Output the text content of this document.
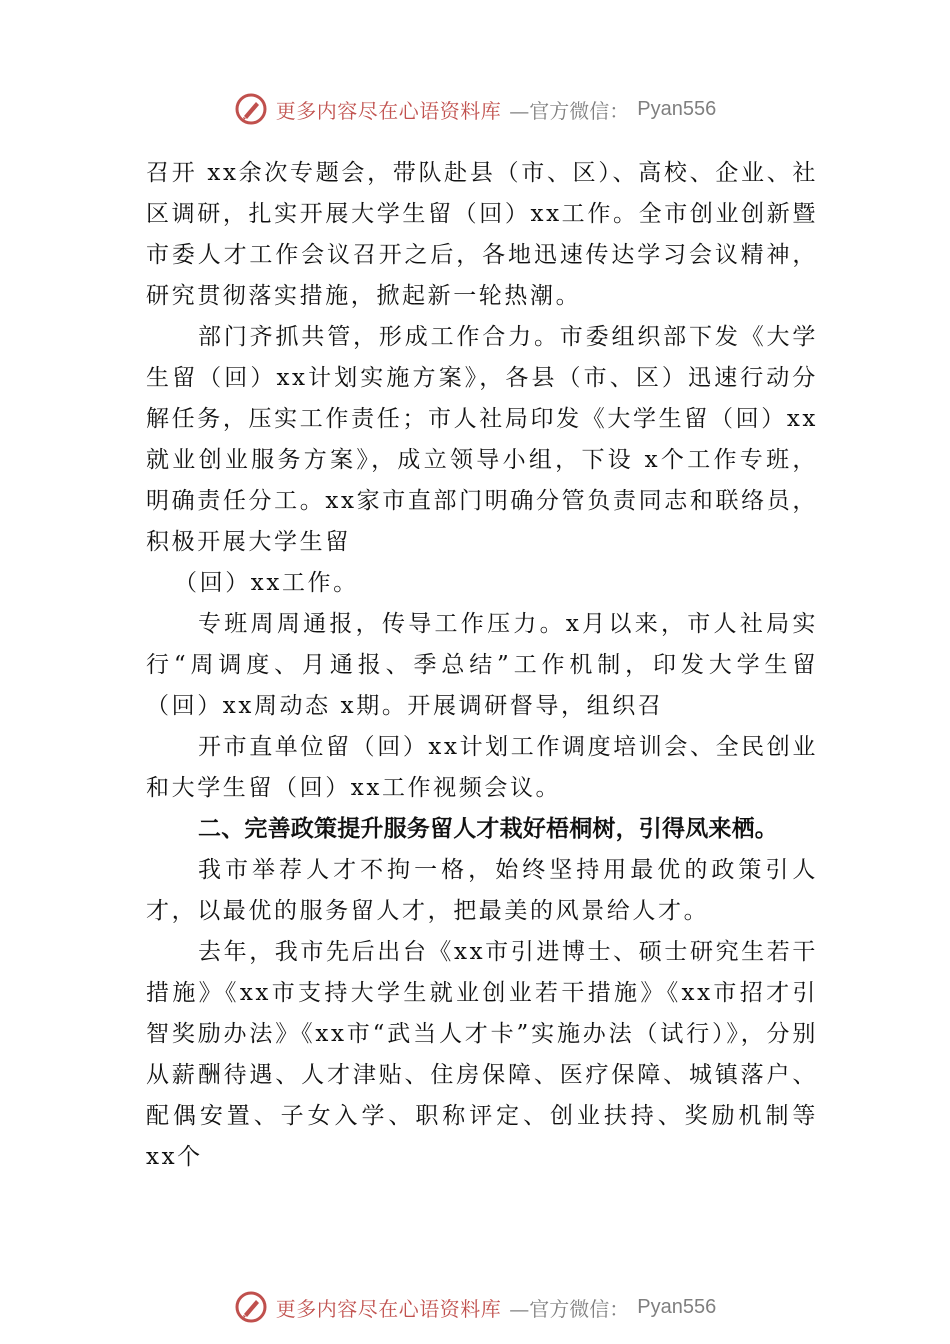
更多内容尽在心语资料库 —官方微信： Pyan556

召开 xx余次专题会，带队赴县（市、区）、高校、企业、社区调研，扎实开展大学生留（回）xx工作。全市创业创新暨市委人才工作会议召开之后，各地迅速传达学习会议精神，研究贯彻落实措施，掀起新一轮热潮。

部门齐抓共管，形成工作合力。市委组织部下发《大学生留（回）xx计划实施方案》，各县（市、区）迅速行动分解任务，压实工作责任；市人社局印发《大学生留（回）xx就业创业服务方案》，成立领导小组，下设 x个工作专班，明确责任分工。xx家市直部门明确分管负责同志和联络员，积极开展大学生留

（回）xx工作。

专班周周通报，传导工作压力。x月以来，市人社局实行“周调度、月通报、季总结”工作机制，印发大学生留（回）xx周动态 x期。开展调研督导，组织召

开市直单位留（回）xx计划工作调度培训会、全民创业和大学生留（回）xx工作视频会议。

二、完善政策提升服务留人才栽好梧桐树，引得凤来栖。

我市举荐人才不拘一格，始终坚持用最优的政策引人才，以最优的服务留人才，把最美的风景给人才。

去年，我市先后出台《xx市引进博士、硕士研究生若干措施》《xx市支持大学生就业创业若干措施》《xx市招才引智奖励办法》《xx市“武当人才卡”实施办法（试行）》，分别从薪酬待遇、人才津贴、住房保障、医疗保障、城镇落户、配偶安置、子女入学、职称评定、创业扶持、奖励机制等 xx个

更多内容尽在心语资料库 —官方微信： Pyan556
